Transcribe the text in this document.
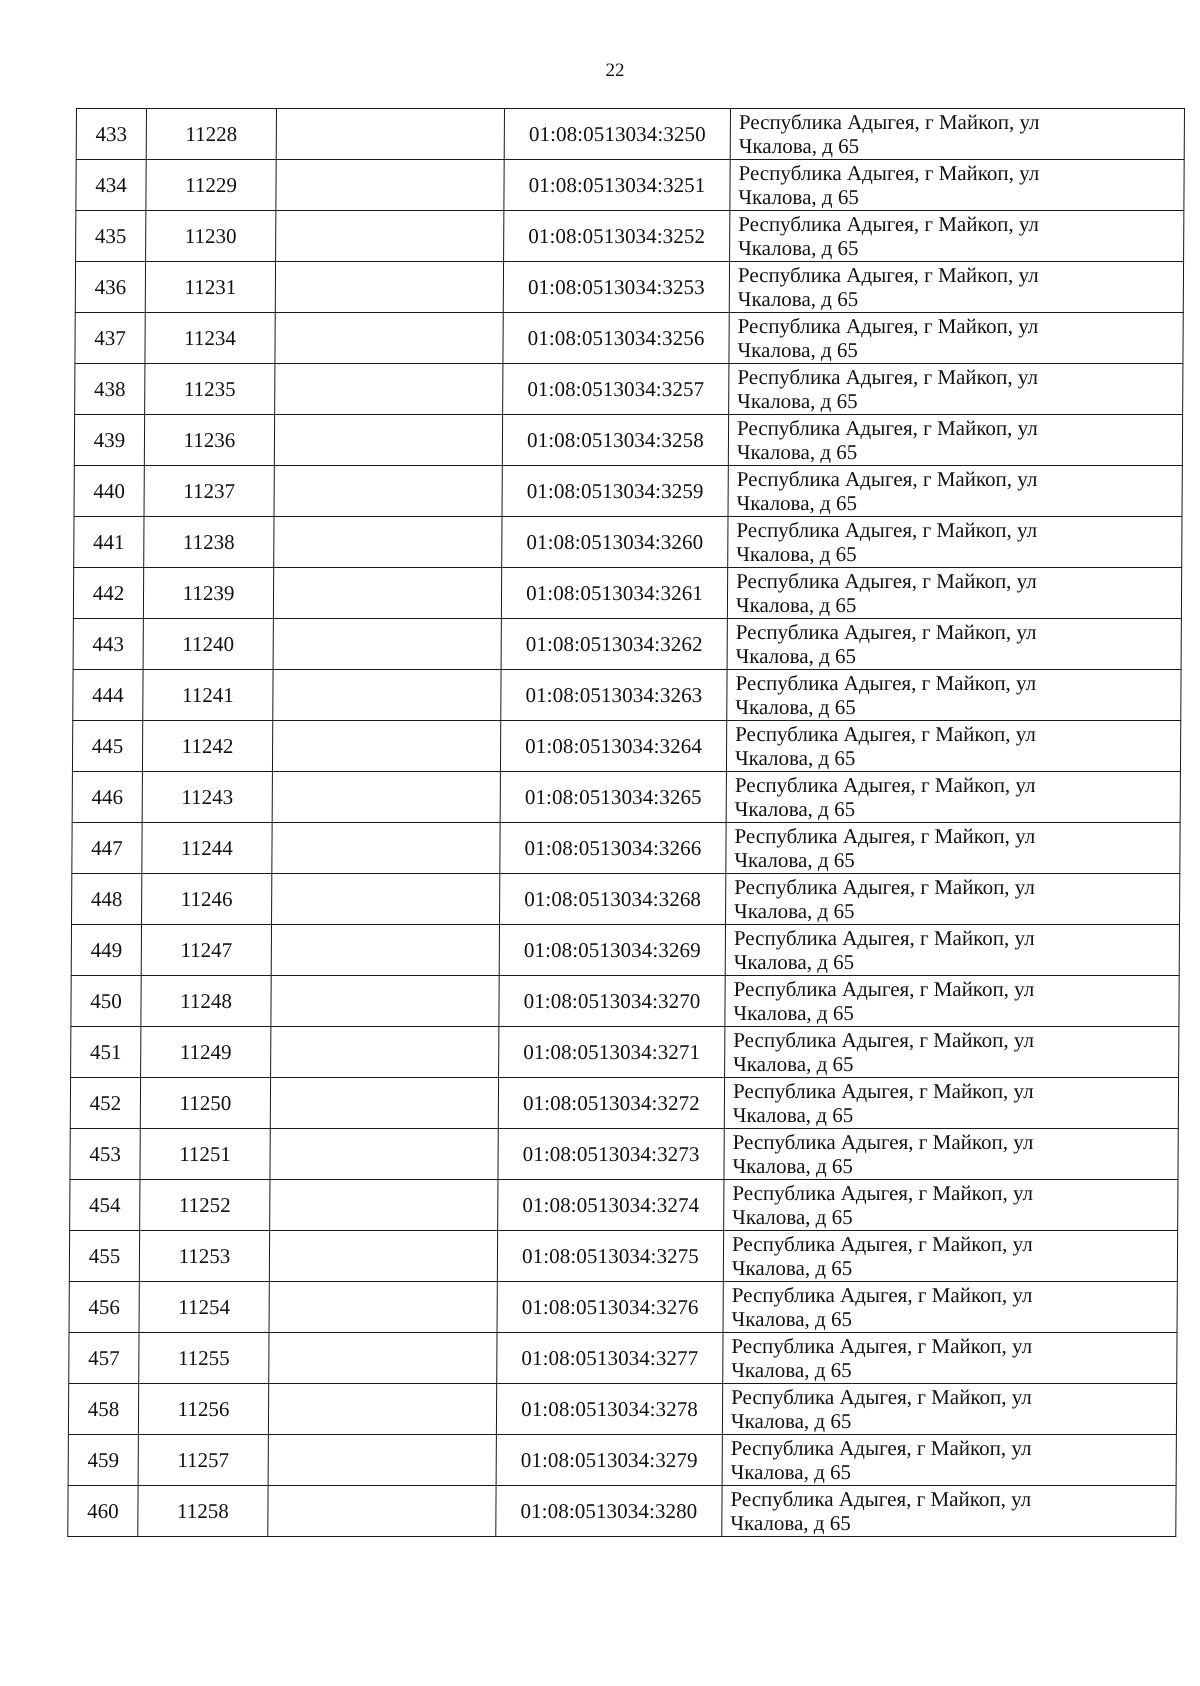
22
433	11228		01:08:0513034:3250	Республика Адыгея, г Майкоп, ул
Чкалова, д 65

434	11229		01:08:0513034:3251	Республика Адыгея, г Майкоп, ул
Чкалова, д 65

435	11230		01:08:0513034:3252	Республика Адыгея, г Майкоп, ул
Чкалова, д 65

436	11231		01:08:0513034:3253	Республика Адыгея, г Майкоп, ул
Чкалова, д 65

437	11234		01:08:0513034:3256	Республика Адыгея, г Майкоп, ул
Чкалова, д 65

438	11235		01:08:0513034:3257	Республика Адыгея, г Майкоп, ул
Чкалова, д 65

439	11236		01:08:0513034:3258	Республика Адыгея, г Майкоп, ул
Чкалова, д 65

440	11237		01:08:0513034:3259	Республика Адыгея, г Майкоп, ул
Чкалова, д 65

441	11238		01:08:0513034:3260	Республика Адыгея, г Майкоп, ул
Чкалова, д 65

442	11239		01:08:0513034:3261	Республика Адыгея, г Майкоп, ул
Чкалова, д 65

443	11240		01:08:0513034:3262	Республика Адыгея, г Майкоп, ул
Чкалова, д 65

444	11241		01:08:0513034:3263	Республика Адыгея, г Майкоп, ул
Чкалова, д 65

445	11242		01:08:0513034:3264	Республика Адыгея, г Майкоп, ул
Чкалова, д 65

446	11243		01:08:0513034:3265	Республика Адыгея, г Майкоп, ул
Чкалова, д 65

447	11244		01:08:0513034:3266	Республика Адыгея, г Майкоп, ул
Чкалова, д 65

448	11246		01:08:0513034:3268	Республика Адыгея, г Майкоп, ул
Чкалова, д 65

449	11247		01:08:0513034:3269	Республика Адыгея, г Майкоп, ул
Чкалова, д 65

450	11248		01:08:0513034:3270	Республика Адыгея, г Майкоп, ул
Чкалова, д 65

451	11249		01:08:0513034:3271	Республика Адыгея, г Майкоп, ул
Чкалова, д 65

452	11250		01:08:0513034:3272	Республика Адыгея, г Майкоп, ул
Чкалова, д 65

453	11251		01:08:0513034:3273	Республика Адыгея, г Майкоп, ул
Чкалова, д 65

454	11252		01:08:0513034:3274	Республика Адыгея, г Майкоп, ул
Чкалова, д 65

455	11253		01:08:0513034:3275	Республика Адыгея, г Майкоп, ул
Чкалова, д 65

456	11254		01:08:0513034:3276	Республика Адыгея, г Майкоп, ул
Чкалова, д 65

457	11255		01:08:0513034:3277	Республика Адыгея, г Майкоп, ул
Чкалова, д 65

458	11256		01:08:0513034:3278	Республика Адыгея, г Майкоп, ул
Чкалова, д 65

459	11257		01:08:0513034:3279	Республика Адыгея, г Майкоп, ул
Чкалова, д 65

460	11258		01:08:0513034:3280	Республика Адыгея, г Майкоп, ул
Чкалова, д 65
